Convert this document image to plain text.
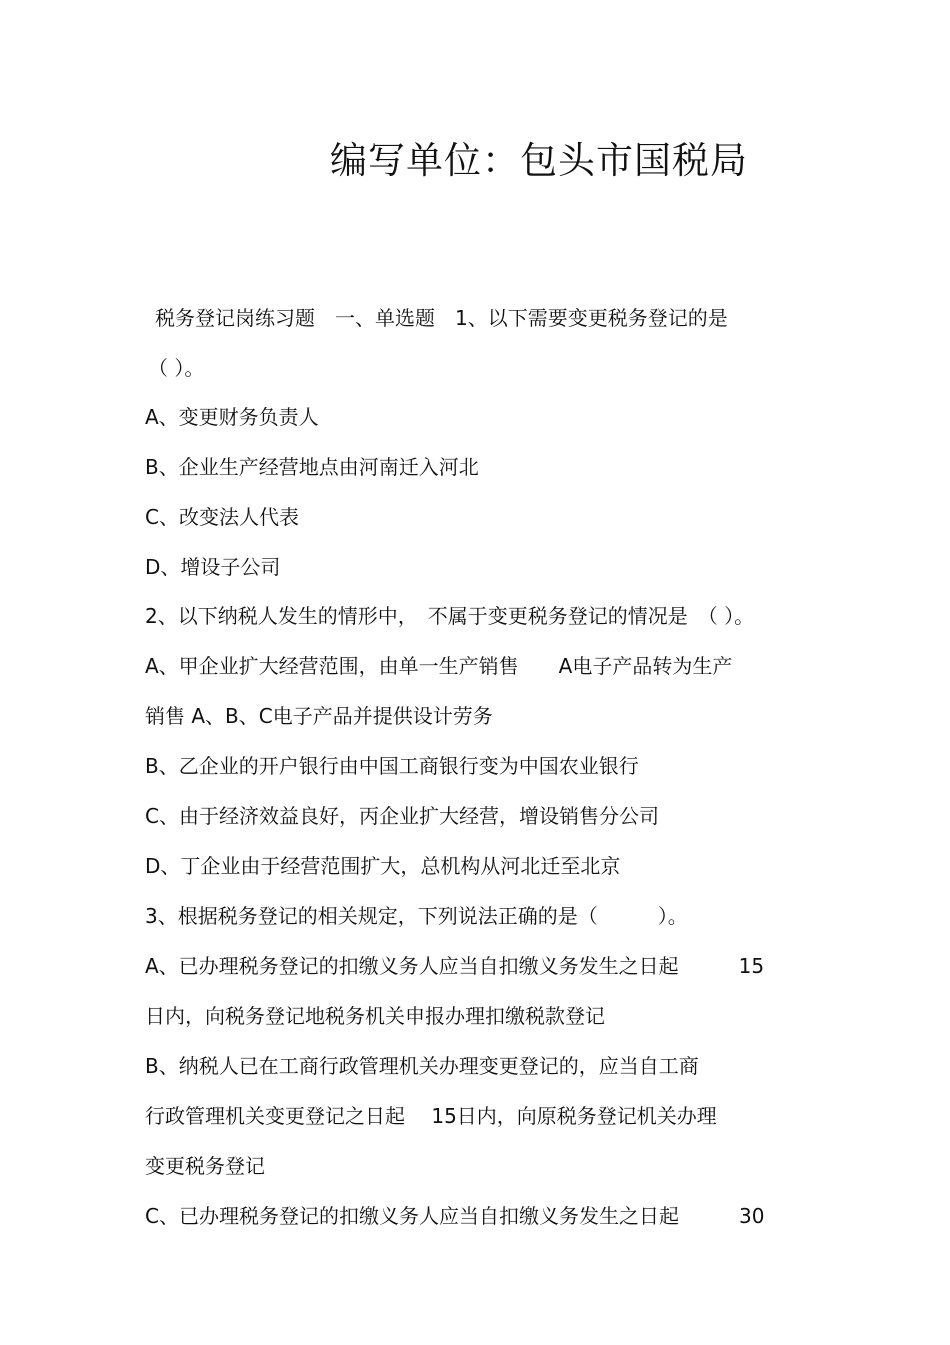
编写单位：包头市国税局
税务登记岗练习题　一、单选题　1、以下需要变更税务登记的是
（ ）。
A、变更财务负责人
B、企业生产经营地点由河南迁入河北
C、改变法人代表
D、增设子公司
2、以下纳税人发生的情形中，　不属于变更税务登记的情况是　（ ）。
A、甲企业扩大经营范围，由单一生产销售　　A电子产品转为生产
销售 A、B、C电子产品并提供设计劳务
B、乙企业的开户银行由中国工商银行变为中国农业银行
C、由于经济效益良好，丙企业扩大经营，增设销售分公司
D、丁企业由于经营范围扩大，总机构从河北迁至北京
3、根据税务登记的相关规定，下列说法正确的是（　　　）。
A、已办理税务登记的扣缴义务人应当自扣缴义务发生之日起　　　15
日内，向税务登记地税务机关申报办理扣缴税款登记
B、纳税人已在工商行政管理机关办理变更登记的，应当自工商
行政管理机关变更登记之日起　 15日内，向原税务登记机关办理
变更税务登记
C、已办理税务登记的扣缴义务人应当自扣缴义务发生之日起　　　30
